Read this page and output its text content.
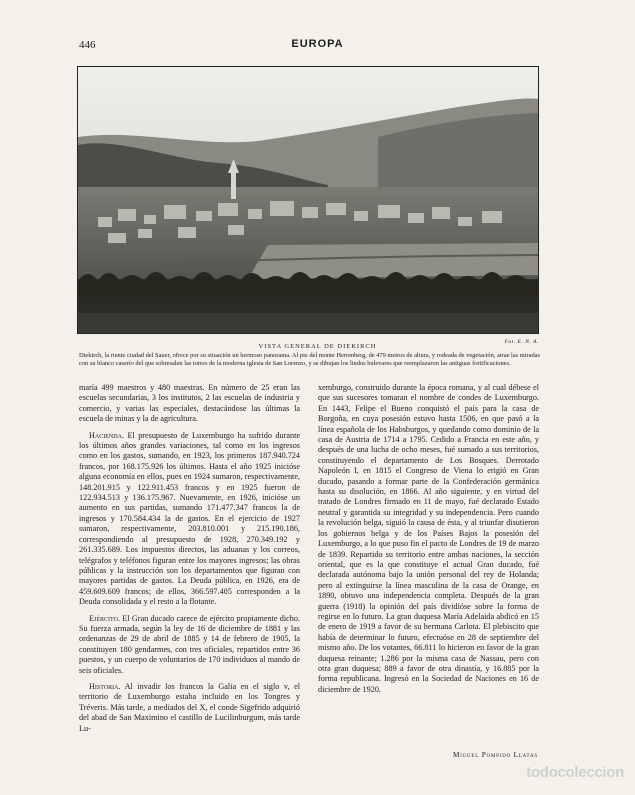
446	EUROPA
Fot. E. N. A.
VISTA GENERAL DE DIEKIRCH
Diekirch, la riente ciudad del Sauer, ofrece por su situación un hermoso panorama. Al pie del monte Herrenberg, de 479 metros de altura, y rodeada de vegetación, atrae las miradas con su blanco caserío del que sobresalen las torres de la moderna iglesia de San Lorenzo, y se dibujan los lindos bulevares que reemplazaron las antiguas fortificaciones.

maría 499 maestros y 480 maestras. En número de 25 eran las escuelas secundarias, 3 los institutos, 2 las escuelas de industria y comercio, y varias las especiales, destacándose las últimas la escuela de minas y la de agricultura.

Hacienda. El presupuesto de Luxemburgo ha sufrido durante los últimos años grandes variaciones, tal como en los ingresos como en los gastos, sumando, en 1923, los primeros 187.940.724 francos, por 168.175.926 los últimos. Hasta el año 1925 inicióse alguna economía en ellos, pues en 1924 sumaron, respectivamente, 148.201.915 y 122.911.453 francos y en 1925 fueron de 122.934.513 y 136.175.967. Nuevamente, en 1926, inicióse un aumento en sus partidas, sumando 171.477.347 francos la de ingresos y 170.584.434 la de gastos. En el ejercicio de 1927 sumaron, respectivamente, 203.810.001 y 215.190.186, correspondiendo al presupuesto de 1928, 270.349.192 y 261.335.689. Los impuestos directos, las aduanas y los correos, telégrafos y teléfonos figuran entre los mayores ingresos; las obras públicas y la instrucción son los departamentos que figuran con mayores partidas de gastos. La Deuda pública, en 1926, era de 459.609.609 francos; de ellos, 366.597.405 corresponden a la Deuda consolidada y el resto a la flotante.

Ejército. El Gran ducado carece de ejército propiamente dicho. Su fuerza armada, según la ley de 16 de diciembre de 1881 y las ordenanzas de 29 de abril de 1885 y 14 de febrero de 1905, la constituyen 180 gendarmes, con tres oficiales, repartidos entre 36 puestos, y un cuerpo de voluntarios de 170 individuos al mando de seis oficiales.

Historia. Al invadir los francos la Galia en el siglo v, el territorio de Luxemburgo estaba incluido en los Tongres y Tréveris. Más tarde, a mediados del X, el conde Sigefrido adquirió del abad de San Maximino el castillo de Lucilinburgum, más tarde Lu-

xemburgo, construido durante la época romana, y al cual débese el que sus sucesores tomaran el nombre de condes de Luxemburgo. En 1443, Felipe el Bueno conquistó el país para la casa de Borgoña, en cuya posesión estuvo hasta 1506, en que pasó a la línea española de los Habsburgos, y quedando como dominio de la casa de Austria de 1714 a 1795. Cedido a Francia en este año, y después de una lucha de ocho meses, fué sumado a sus territorios, constituyendo el departamento de Los Bosques. Derrotado Napoleón I, en 1815 el Congreso de Viena lo erigió en Gran ducado, pasando a formar parte de la Confederación germánica hasta su disolución, en 1866. Al año siguiente, y en virtud del tratado de Londres firmado en 11 de mayo, fué declarado Estado neutral y garantida su integridad y su independencia. Pero cuando la revolución belga, siguió la causa de ésta, y al triunfar disutieron los gobiernos belga y de los Países Bajos la posesión del Luxemburgo, a lo que puso fin el pacto de Londres de 19 de marzo de 1839. Repartido su territorio entre ambas naciones, la sección oriental, que es la que constituye el actual Gran ducado, fué declarada autónoma bajo la unión personal del rey de Holanda; pero al extinguirse la línea masculina de la casa de Orange, en 1890, obtuvo una independencia completa. Después de la gran guerra (1918) la opinión del país dividióse sobre la forma de regirse en lo futuro. La gran duquesa María Adelaida abdicó en 15 de enero de 1919 a favor de su hermana Carlota. El plebiscito que había de determinar lo futuro, efectuóse en 28 de septiembre del mismo año. De los votantes, 66.811 lo hicieron en favor de la gran duquesa reinante; 1.286 por la misma casa de Nassau, pero con otra gran duquesa; 889 a favor de otra dinastía, y 16.885 por la forma republicana. Ingresó en la Sociedad de Naciones en 16 de diciembre de 1920.

Miguel Pompido Llatas
todocoleccion
